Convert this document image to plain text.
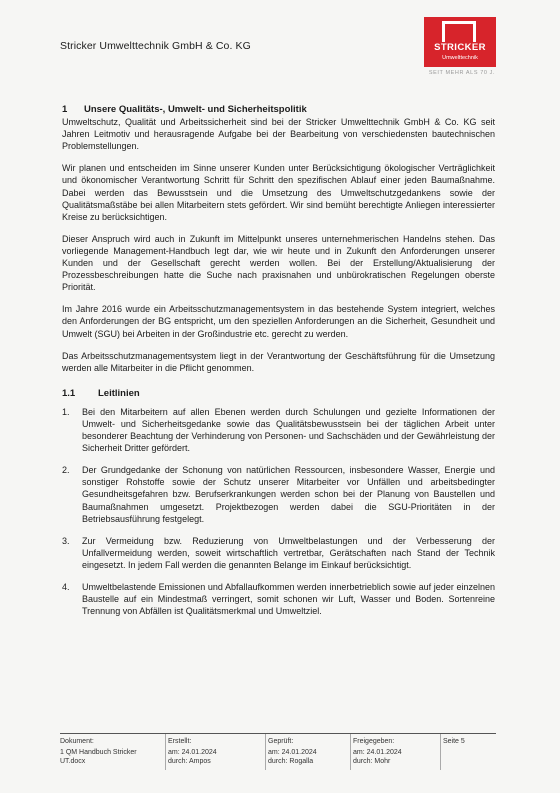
Stricker Umwelttechnik GmbH & Co. KG	STRICKER
Umwelttechnik
SEIT MEHR ALS 70 J.
1	Unsere Qualitäts-, Umwelt- und Sicherheitspolitik

Umweltschutz, Qualität und Arbeitssicherheit sind bei der Stricker Umwelttechnik GmbH & Co. KG seit Jahren Leitmotiv und herausragende Aufgabe bei der Bearbeitung von verschiedensten bautechnischen Problemstellungen.

Wir planen und entscheiden im Sinne unserer Kunden unter Berücksichtigung ökologischer Verträglichkeit und ökonomischer Verantwortung Schritt für Schritt den spezifischen Ablauf einer jeden Baumaßnahme. Dabei werden das Bewusstsein und die Umsetzung des Umweltschutzgedankens sowie der Qualitätsmaßstäbe bei allen Mitarbeitern stets gefördert. Wir sind bemüht berechtigte Anliegen interessierter Kreise zu berücksichtigen.

Dieser Anspruch wird auch in Zukunft im Mittelpunkt unseres unternehmerischen Handelns stehen. Das vorliegende Management-Handbuch legt dar, wie wir heute und in Zukunft den Anforderungen unserer Kunden und der Gesellschaft gerecht werden wollen. Bei der Erstellung/Aktualisierung der Prozessbeschreibungen hatte die Suche nach praxisnahen und unbürokratischen Regelungen oberste Priorität.

Im Jahre 2016 wurde ein Arbeitsschutzmanagementsystem in das bestehende System integriert, welches den Anforderungen der BG entspricht, um den speziellen Anforderungen an die Sicherheit, Gesundheit und Umwelt (SGU) bei Arbeiten in der Großindustrie etc. gerecht zu werden.

Das Arbeitsschutzmanagementsystem liegt in der Verantwortung der Geschäftsführung für die Umsetzung werden alle Mitarbeiter in die Pflicht genommen.

1.1	Leitlinien
1.	Bei den Mitarbeitern auf allen Ebenen werden durch Schulungen und gezielte Informationen der Umwelt- und Sicherheitsgedanke sowie das Qualitätsbewusstsein bei der täglichen Arbeit unter besonderer Beachtung der Verhinderung von Personen- und Sachschäden und der Gewährleistung der Sicherheit Dritter gefördert.
2.	Der Grundgedanke der Schonung von natürlichen Ressourcen, insbesondere Wasser, Energie und sonstiger Rohstoffe sowie der Schutz unserer Mitarbeiter vor Unfällen und arbeitsbedingter Gesundheitsgefahren bzw. Berufserkrankungen werden schon bei der Planung von Baustellen und Baumaßnahmen umgesetzt. Projektbezogen werden dabei die SGU-Prioritäten in der Betriebsausführung festgelegt.
3.	Zur Vermeidung bzw. Reduzierung von Umweltbelastungen und der Verbesserung der Unfallvermeidung werden, soweit wirtschaftlich vertretbar, Gerätschaften nach Stand der Technik eingesetzt. In jedem Fall werden die genannten Belange im Einkauf berücksichtigt.
4.	Umweltbelastende Emissionen und Abfallaufkommen werden innerbetrieblich sowie auf jeder einzelnen Baustelle auf ein Mindestmaß verringert, somit schonen wir Luft, Wasser und Boden. Sortenreine Trennung von Abfällen ist Qualitätsmerkmal und Umweltziel.
Dokument:
1 QM Handbuch Stricker UT.docx
Erstellt:
am: 24.01.2024
durch: Ampos
Geprüft:
am: 24.01.2024
durch: Rogalla
Freigegeben:
am: 24.01.2024
durch: Mohr
Seite 5
